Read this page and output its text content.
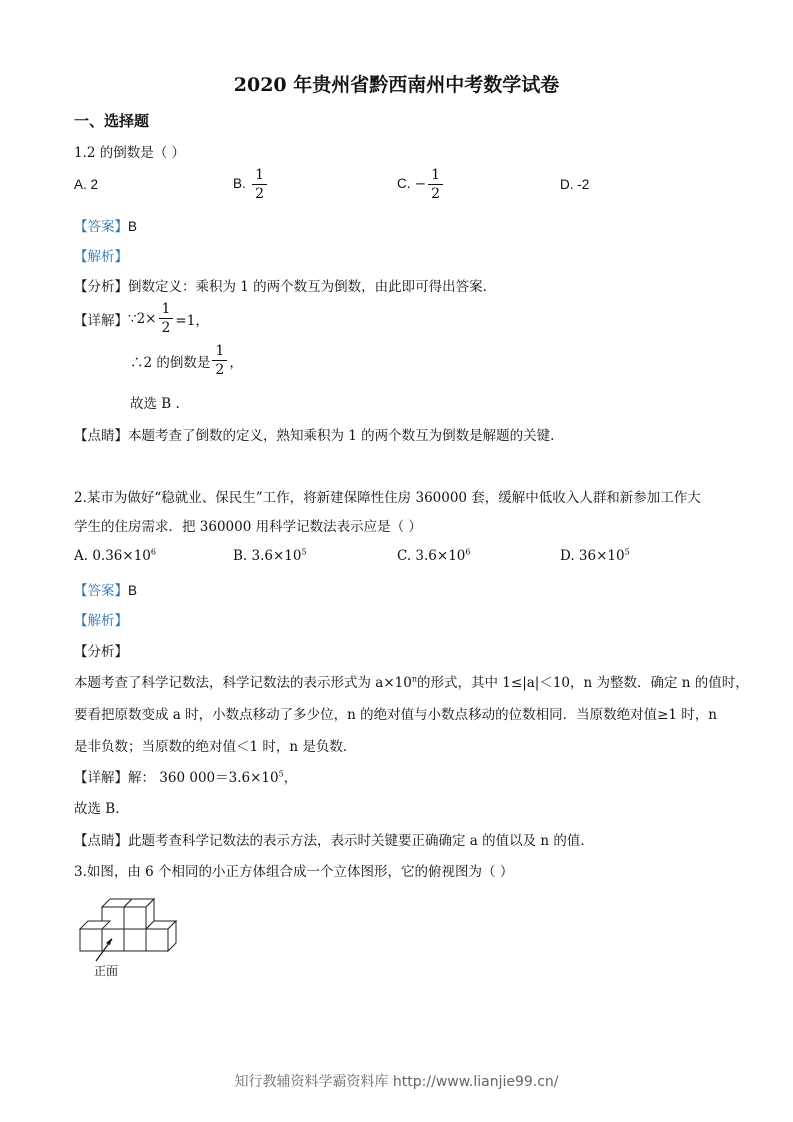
2020 年贵州省黔西南州中考数学试卷
一、选择题
1.2 的倒数是（ ）
A. 2	B. $\frac{1}{2}$	C. − $\frac{1}{2}$	D. -2
【答案】B
【解析】
【分析】倒数定义：乘积为 1 的两个数互为倒数，由此即可得出答案.
【详解】 ∵2× $\frac{1}{2} =1$，
∴2 的倒数是 $\frac{1}{2}$ ，
故选 B .
【点睛】本题考查了倒数的定义，熟知乘积为 1 的两个数互为倒数是解题的关键.
2.某市为做好“稳就业、保民生”工作，将新建保障性住房 360000 套，缓解中低收入人群和新参加工作大
学生的住房需求．把 360000 用科学记数法表示应是（ ）
A. $0.36\times 10^6$	B. $3.6\times 10^5$	C. $3.6\times 10^6$	D. $36\times 10^5$
【答案】B
【解析】
【分析】
本题考查了科学记数法，科学记数法的表示形式为 $a\times 10^n$的形式，其中 1≤|a|＜10，n 为整数．确定 n 的值时，
要看把原数变成 a 时，小数点移动了多少位，n 的绝对值与小数点移动的位数相同．当原数绝对值≥1 时，n
是非负数；当原数的绝对值＜1 时，n 是负数．
【详解】解： 360 $000=3.6\times 10^5$，
故选 B．
【点睛】此题考查科学记数法的表示方法，表示时关键要正确确定 a 的值以及 n 的值．
3.如图，由 6 个相同的小正方体组合成一个立体图形，它的俯视图为（ ）
正面
知行教辅资料学霸资料库 http://www.lianjie99.cn/
